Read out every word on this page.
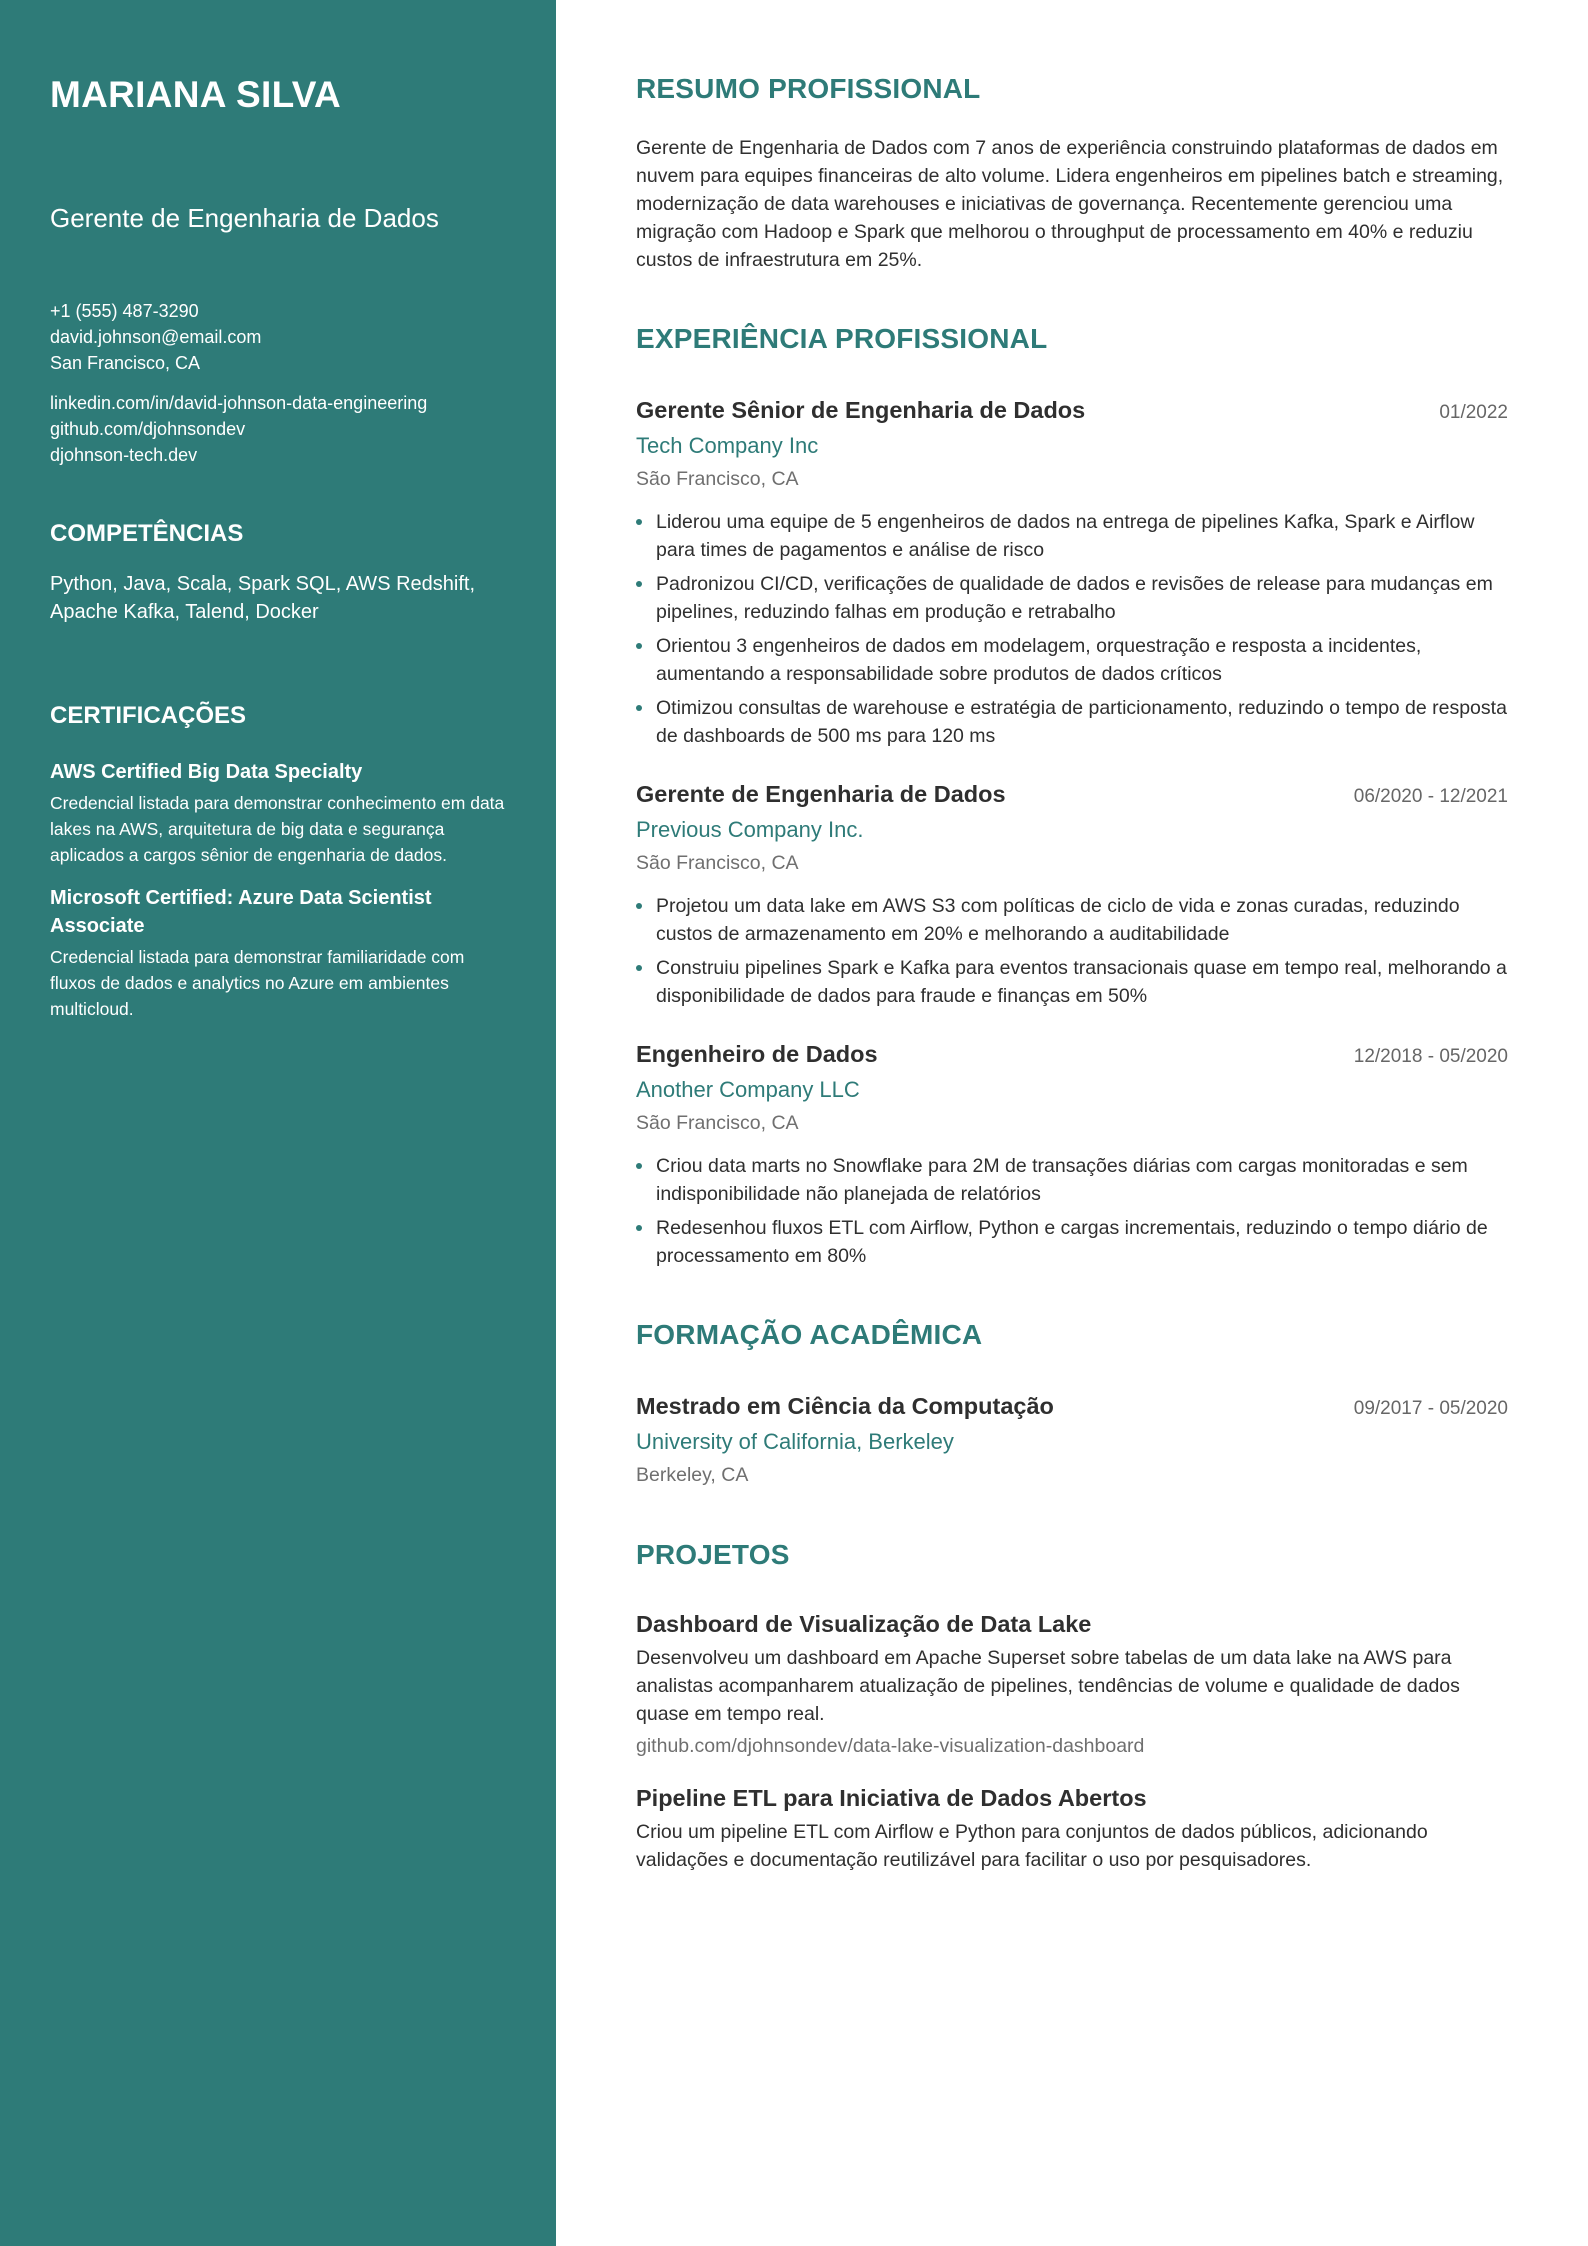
MARIANA SILVA
Gerente de Engenharia de Dados
+1 (555) 487-3290
david.johnson@email.com
San Francisco, CA
linkedin.com/in/david-johnson-data-engineering
github.com/djohnsondev
djohnson-tech.dev
COMPETÊNCIAS
Python, Java, Scala, Spark SQL, AWS Redshift, Apache Kafka, Talend, Docker
CERTIFICAÇÕES
AWS Certified Big Data Specialty
Credencial listada para demonstrar conhecimento em data lakes na AWS, arquitetura de big data e segurança aplicados a cargos sênior de engenharia de dados.
Microsoft Certified: Azure Data Scientist Associate
Credencial listada para demonstrar familiaridade com fluxos de dados e analytics no Azure em ambientes multicloud.
RESUMO PROFISSIONAL
Gerente de Engenharia de Dados com 7 anos de experiência construindo plataformas de dados em nuvem para equipes financeiras de alto volume. Lidera engenheiros em pipelines batch e streaming, modernização de data warehouses e iniciativas de governança. Recentemente gerenciou uma migração com Hadoop e Spark que melhorou o throughput de processamento em 40% e reduziu custos de infraestrutura em 25%.
EXPERIÊNCIA PROFISSIONAL
Gerente Sênior de Engenharia de Dados	01/2022
Tech Company Inc
São Francisco, CA
Liderou uma equipe de 5 engenheiros de dados na entrega de pipelines Kafka, Spark e Airflow para times de pagamentos e análise de risco
Padronizou CI/CD, verificações de qualidade de dados e revisões de release para mudanças em pipelines, reduzindo falhas em produção e retrabalho
Orientou 3 engenheiros de dados em modelagem, orquestração e resposta a incidentes, aumentando a responsabilidade sobre produtos de dados críticos
Otimizou consultas de warehouse e estratégia de particionamento, reduzindo o tempo de resposta de dashboards de 500 ms para 120 ms
Gerente de Engenharia de Dados	06/2020 - 12/2021
Previous Company Inc.
São Francisco, CA
Projetou um data lake em AWS S3 com políticas de ciclo de vida e zonas curadas, reduzindo custos de armazenamento em 20% e melhorando a auditabilidade
Construiu pipelines Spark e Kafka para eventos transacionais quase em tempo real, melhorando a disponibilidade de dados para fraude e finanças em 50%
Engenheiro de Dados	12/2018 - 05/2020
Another Company LLC
São Francisco, CA
Criou data marts no Snowflake para 2M de transações diárias com cargas monitoradas e sem indisponibilidade não planejada de relatórios
Redesenhou fluxos ETL com Airflow, Python e cargas incrementais, reduzindo o tempo diário de processamento em 80%
FORMAÇÃO ACADÊMICA
Mestrado em Ciência da Computação	09/2017 - 05/2020
University of California, Berkeley
Berkeley, CA
PROJETOS
Dashboard de Visualização de Data Lake
Desenvolveu um dashboard em Apache Superset sobre tabelas de um data lake na AWS para analistas acompanharem atualização de pipelines, tendências de volume e qualidade de dados quase em tempo real.
github.com/djohnsondev/data-lake-visualization-dashboard
Pipeline ETL para Iniciativa de Dados Abertos
Criou um pipeline ETL com Airflow e Python para conjuntos de dados públicos, adicionando validações e documentação reutilizável para facilitar o uso por pesquisadores.
